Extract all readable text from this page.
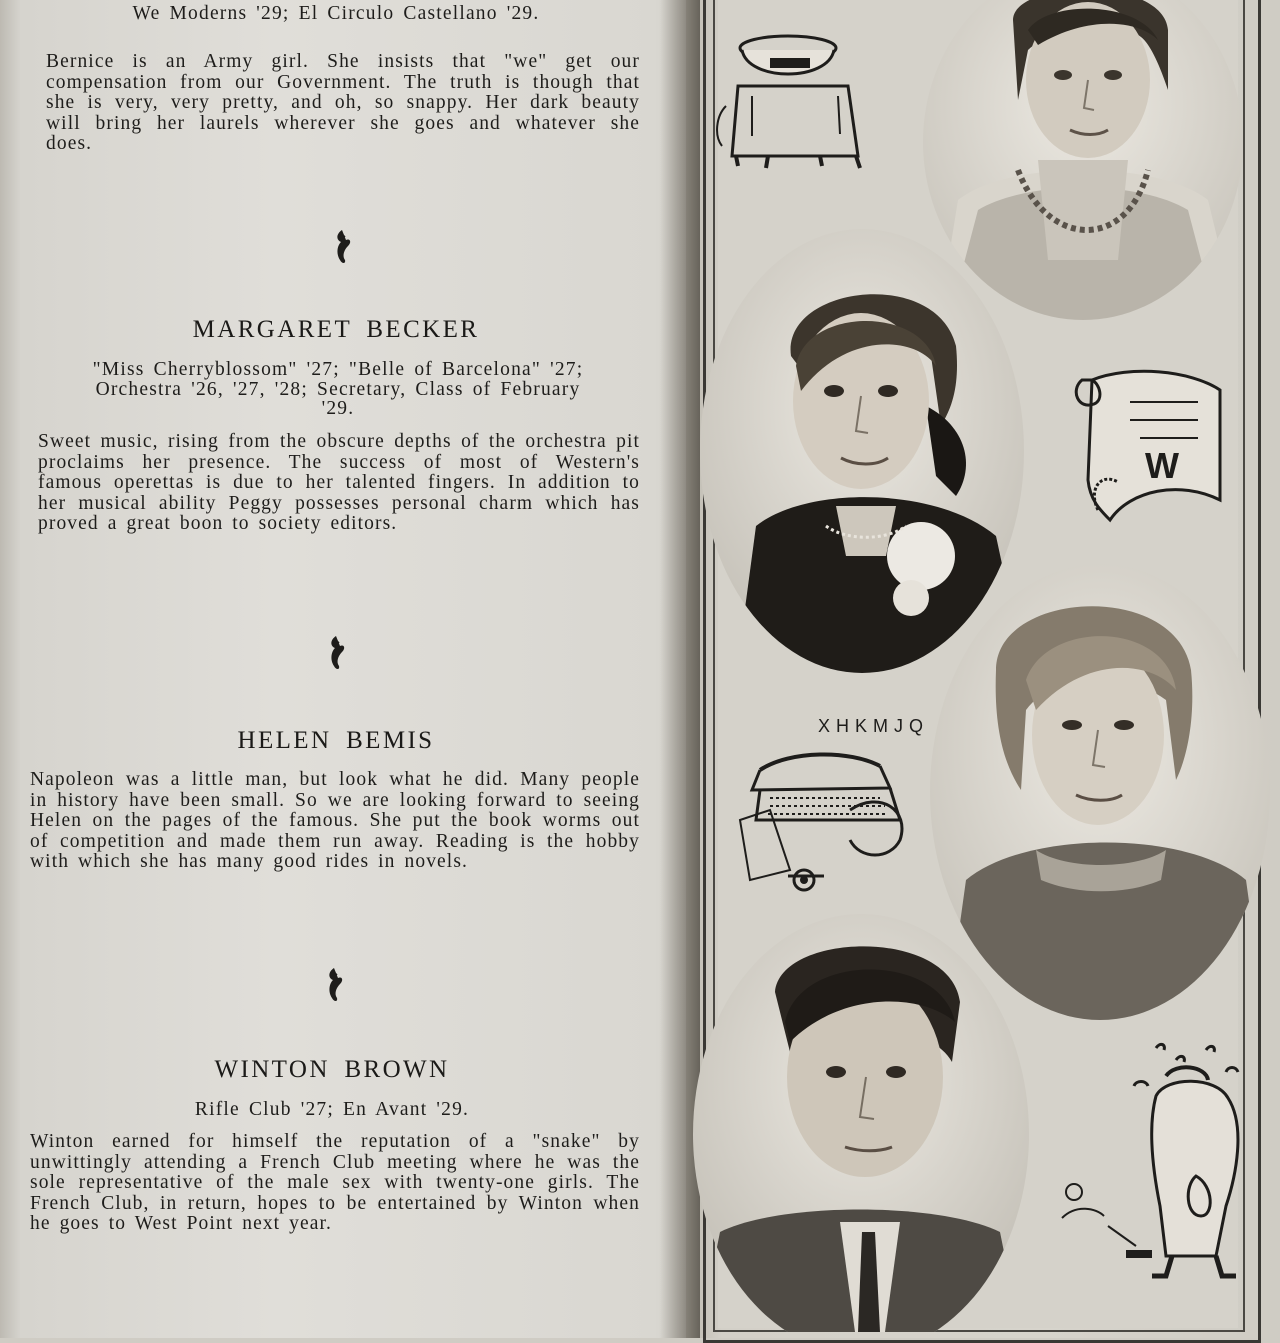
We Moderns '29; El Circulo Castellano '29.

Bernice is an Army girl. She insists that "we" get our compensation from our Government. The truth is though that she is very, very pretty, and oh, so snappy. Her dark beauty will bring her laurels wherever she goes and whatever she does.

MARGARET BECKER

"Miss Cherryblossom" '27; "Belle of Barcelona" '27; Orchestra '26, '27, '28; Secretary, Class of February '29.

Sweet music, rising from the obscure depths of the orchestra pit proclaims her presence. The success of most of Western's famous operettas is due to her talented fingers. In addition to her musical ability Peggy possesses personal charm which has proved a great boon to society editors.

HELEN BEMIS

Napoleon was a little man, but look what he did. Many people in history have been small. So we are looking forward to seeing Helen on the pages of the famous. She put the book worms out of competition and made them run away. Reading is the hobby with which she has many good rides in novels.

WINTON BROWN

Rifle Club '27; En Avant '29.

Winton earned for himself the reputation of a "snake" by unwittingly attending a French Club meeting where he was the sole representative of the male sex with twenty-one girls. The French Club, in return, hopes to be entertained by Winton when he goes to West Point next year.

W
XHKMJQ
